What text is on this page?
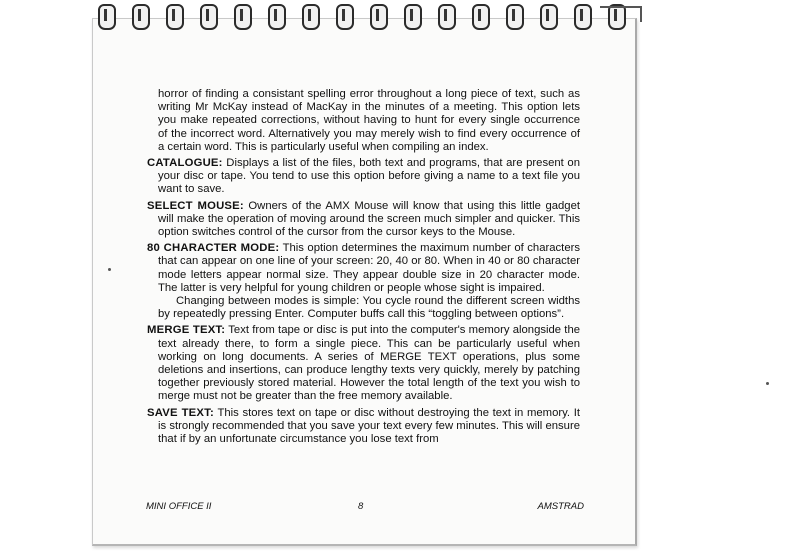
horror of finding a consistant spelling error throughout a long piece of text, such as writing Mr McKay instead of MacKay in the minutes of a meeting. This option lets you make repeated corrections, without having to hunt for every single occurrence of the incorrect word. Alternatively you may merely wish to find every occurrence of a certain word. This is particularly useful when compiling an index.

CATALOGUE: Displays a list of the files, both text and programs, that are present on your disc or tape. You tend to use this option before giving a name to a text file you want to save.

SELECT MOUSE: Owners of the AMX Mouse will know that using this little gadget will make the operation of moving around the screen much simpler and quicker. This option switches control of the cursor from the cursor keys to the Mouse.

80 CHARACTER MODE: This option determines the maximum number of characters that can appear on one line of your screen: 20, 40 or 80. When in 40 or 80 character mode letters appear normal size. They appear double size in 20 character mode. The latter is very helpful for young children or people whose sight is impaired.

Changing between modes is simple: You cycle round the different screen widths by repeatedly pressing Enter. Computer buffs call this “toggling between options”.

MERGE TEXT: Text from tape or disc is put into the computer's memory alongside the text already there, to form a single piece. This can be particularly useful when working on long documents. A series of MERGE TEXT operations, plus some deletions and insertions, can produce lengthy texts very quickly, merely by patching together previously stored material. However the total length of the text you wish to merge must not be greater than the free memory available.

SAVE TEXT: This stores text on tape or disc without destroying the text in memory. It is strongly recommended that you save your text every few minutes. This will ensure that if by an unfortunate circumstance you lose text from

MINI OFFICE II	8	AMSTRAD
